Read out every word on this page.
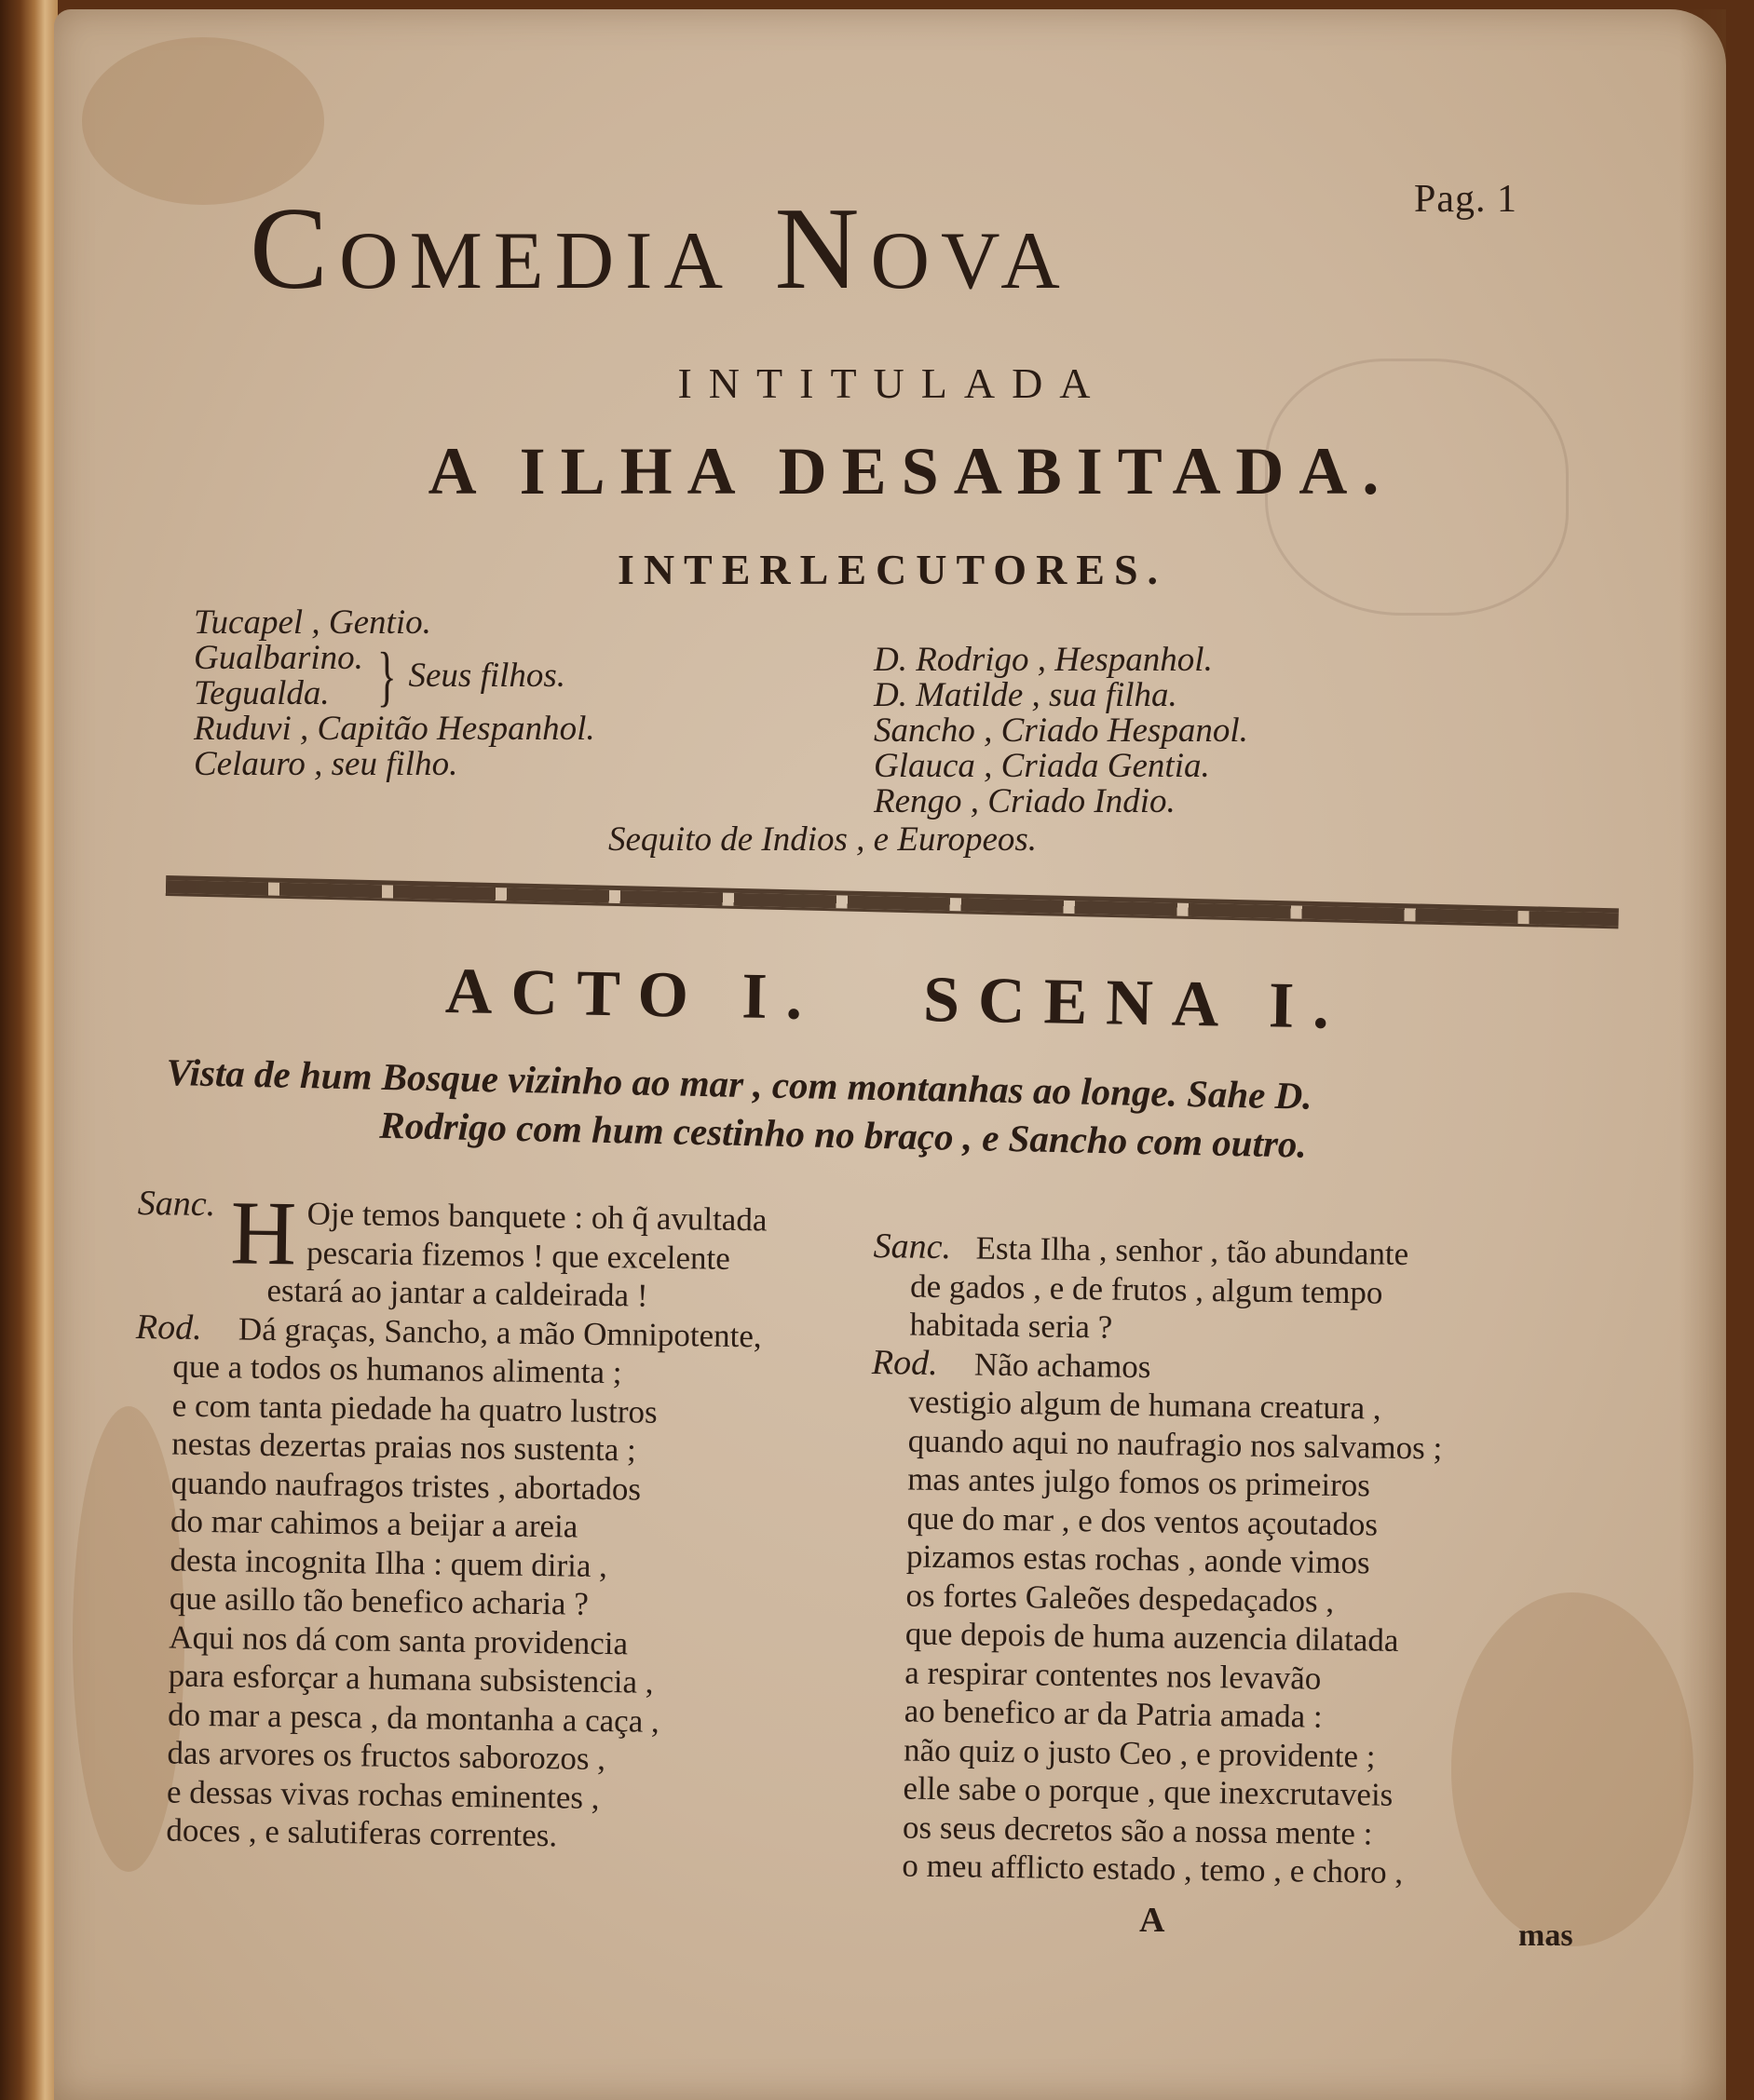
Pag. 1
Comedia Nova
INTITULADA
A ILHA DESABITADA.
INTERLECUTORES.
Tucapel , Gentio.
Gualbarino.
Tegualda. } Seus filhos.
Ruduvi , Capitão Hespanhol.
Celauro , seu filho.
D. Rodrigo , Hespanhol.
D. Matilde , sua filha.
Sancho , Criado Hespanol.
Glauca , Criada Gentia.
Rengo , Criado Indio.
Sequito de Indios , e Europeos.
ACTO I. SCENA I.
Vista de hum Bosque vizinho ao mar , com montanhas ao longe. Sahe D.
Rodrigo com hum cestinho no braço , e Sancho com outro.
Sanc. H Oje temos banquete : oh q̃ avultada
pescaria fizemos ! que excelente
estará ao jantar a caldeirada !
Rod. Dá graças, Sancho, a mão Omnipotente,
que a todos os humanos alimenta ;
e com tanta piedade ha quatro lustros
nestas dezertas praias nos sustenta ;
quando naufragos tristes , abortados
do mar cahimos a beijar a areia
desta incognita Ilha : quem diria ,
que asillo tão benefico acharia ?
Aqui nos dá com santa providencia
para esforçar a humana subsistencia ,
do mar a pesca , da montanha a caça ,
das arvores os fructos saborozos ,
e dessas vivas rochas eminentes ,
doces , e salutiferas correntes.
Sanc. Esta Ilha , senhor , tão abundante
de gados , e de frutos , algum tempo
habitada seria ?
Rod. Não achamos
vestigio algum de humana creatura ,
quando aqui no naufragio nos salvamos ;
mas antes julgo fomos os primeiros
que do mar , e dos ventos açoutados
pizamos estas rochas , aonde vimos
os fortes Galeões despedaçados ,
que depois de huma auzencia dilatada
a respirar contentes nos levavão
ao benefico ar da Patria amada :
não quiz o justo Ceo , e providente ;
elle sabe o porque , que inexcrutaveis
os seus decretos são a nossa mente :
o meu afflicto estado , temo , e choro ,
A	mas
